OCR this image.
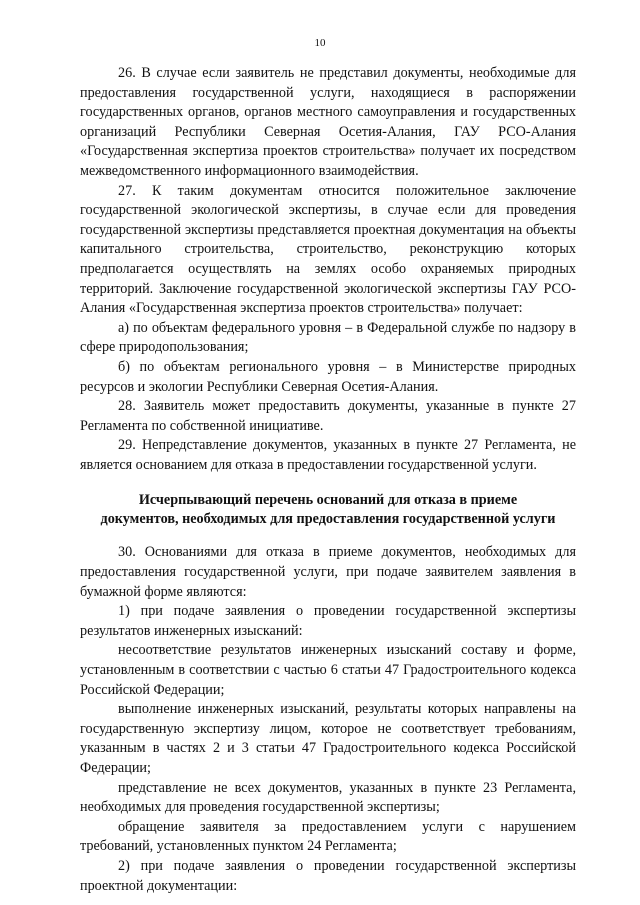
10

26. В случае если заявитель не представил документы, необходимые для предоставления государственной услуги, находящиеся в распоряжении государственных органов, органов местного самоуправления и государственных организаций Республики Северная Осетия-Алания, ГАУ РСО-Алания «Государственная экспертиза проектов строительства» получает их посредством межведомственного информационного взаимодействия.

27. К таким документам относится положительное заключение государственной экологической экспертизы, в случае если для проведения государственной экспертизы представляется проектная документация на объекты капитального строительства, строительство, реконструкцию которых предполагается осуществлять на землях особо охраняемых природных территорий. Заключение государственной экологической экспертизы ГАУ РСО-Алания «Государственная экспертиза проектов строительства» получает:

а) по объектам федерального уровня – в Федеральной службе по надзору в сфере природопользования;

б) по объектам регионального уровня – в Министерстве природных ресурсов и экологии Республики Северная Осетия-Алания.

28. Заявитель может предоставить документы, указанные в пункте 27 Регламента по собственной инициативе.

29. Непредставление документов, указанных в пункте 27 Регламента, не является основанием для отказа в предоставлении государственной услуги.

Исчерпывающий перечень оснований для отказа в приеме
документов, необходимых для предоставления государственной услуги

30. Основаниями для отказа в приеме документов, необходимых для предоставления государственной услуги, при подаче заявителем заявления в бумажной форме являются:

1) при подаче заявления о проведении государственной экспертизы результатов инженерных изысканий:

несоответствие результатов инженерных изысканий составу и форме, установленным в соответствии с частью 6 статьи 47 Градостроительного кодекса Российской Федерации;

выполнение инженерных изысканий, результаты которых направлены на государственную экспертизу лицом, которое не соответствует требованиям, указанным в частях 2 и 3 статьи 47 Градостроительного кодекса Российской Федерации;

представление не всех документов, указанных в пункте 23 Регламента, необходимых для проведения государственной экспертизы;

обращение заявителя за предоставлением услуги с нарушением требований, установленных пунктом 24 Регламента;

2) при подаче заявления о проведении государственной экспертизы проектной документации:
